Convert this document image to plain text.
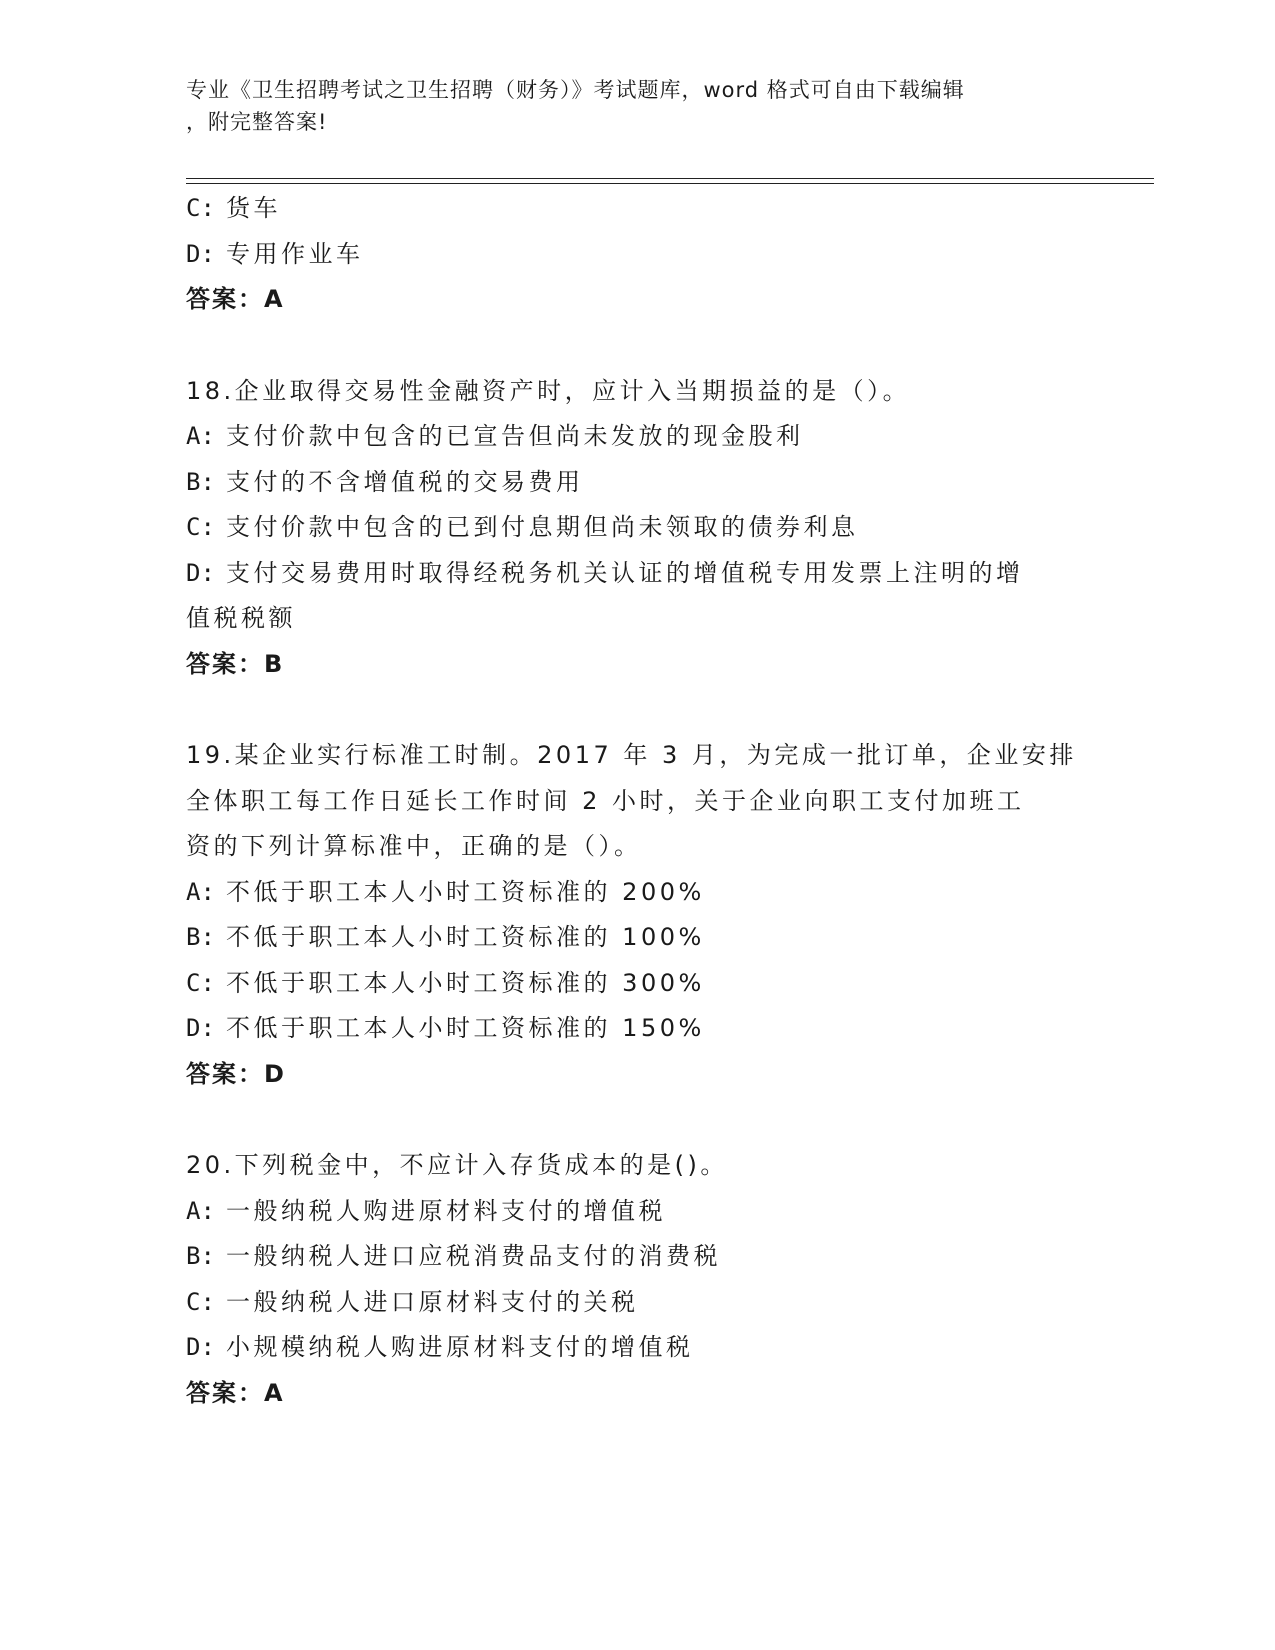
专业《卫生招聘考试之卫生招聘（财务）》考试题库，word 格式可自由下载编辑
，附完整答案!
C: 货车
D: 专用作业车
答案：A
18.企业取得交易性金融资产时，应计入当期损益的是（）。
A: 支付价款中包含的已宣告但尚未发放的现金股利
B: 支付的不含增值税的交易费用
C: 支付价款中包含的已到付息期但尚未领取的债券利息
D: 支付交易费用时取得经税务机关认证的增值税专用发票上注明的增
值税税额
答案：B
19.某企业实行标准工时制。2017 年 3 月，为完成一批订单，企业安排
全体职工每工作日延长工作时间 2 小时，关于企业向职工支付加班工
资的下列计算标准中，正确的是（）。
A: 不低于职工本人小时工资标准的 200%
B: 不低于职工本人小时工资标准的 100%
C: 不低于职工本人小时工资标准的 300%
D: 不低于职工本人小时工资标准的 150%
答案：D
20.下列税金中，不应计入存货成本的是()。
A: 一般纳税人购进原材料支付的增值税
B: 一般纳税人进口应税消费品支付的消费税
C: 一般纳税人进口原材料支付的关税
D: 小规模纳税人购进原材料支付的增值税
答案：A
